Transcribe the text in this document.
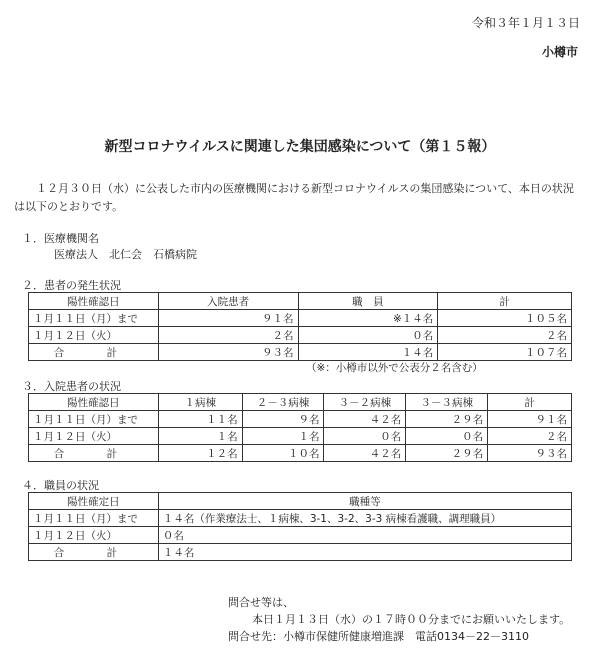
令和３年１月１３日
小樽市
新型コロナウイルスに関連した集団感染について（第１５報）
１２月３０日（水）に公表した市内の医療機関における新型コロナウイルスの集団感染について、本日の状況は以下のとおりです。
１．医療機関名
医療法人　北仁会　石橋病院
２．患者の発生状況
陽性確認日	入院患者	職　員	計
１月１１日（月）まで	９１名	※１４名	１０５名
１月１２日（火）	２名	０名	２名
合　計	９３名	１４名	１０７名
（※：小樽市以外で公表分２名含む）
３．入院患者の状況
陽性確認日	１病棟	２－３病棟	３－２病棟	３－３病棟	計
１月１１日（月）まで	１１名	９名	４２名	２９名	９１名
１月１２日（火）	１名	１名	０名	０名	２名
合　計	１２名	１０名	４２名	２９名	９３名
４．職員の状況
陽性確定日	職種等
１月１１日（月）まで	１４名（作業療法士、１病棟、3-1、3-2、3-3 病棟看護職、調理職員）
１月１２日（火）	０名
合　計	１４名
問合せ等は、
本日１月１３日（水）の１７時００分までにお願いいたします。
問合せ先：小樽市保健所健康増進課　電話0134－22－3110
